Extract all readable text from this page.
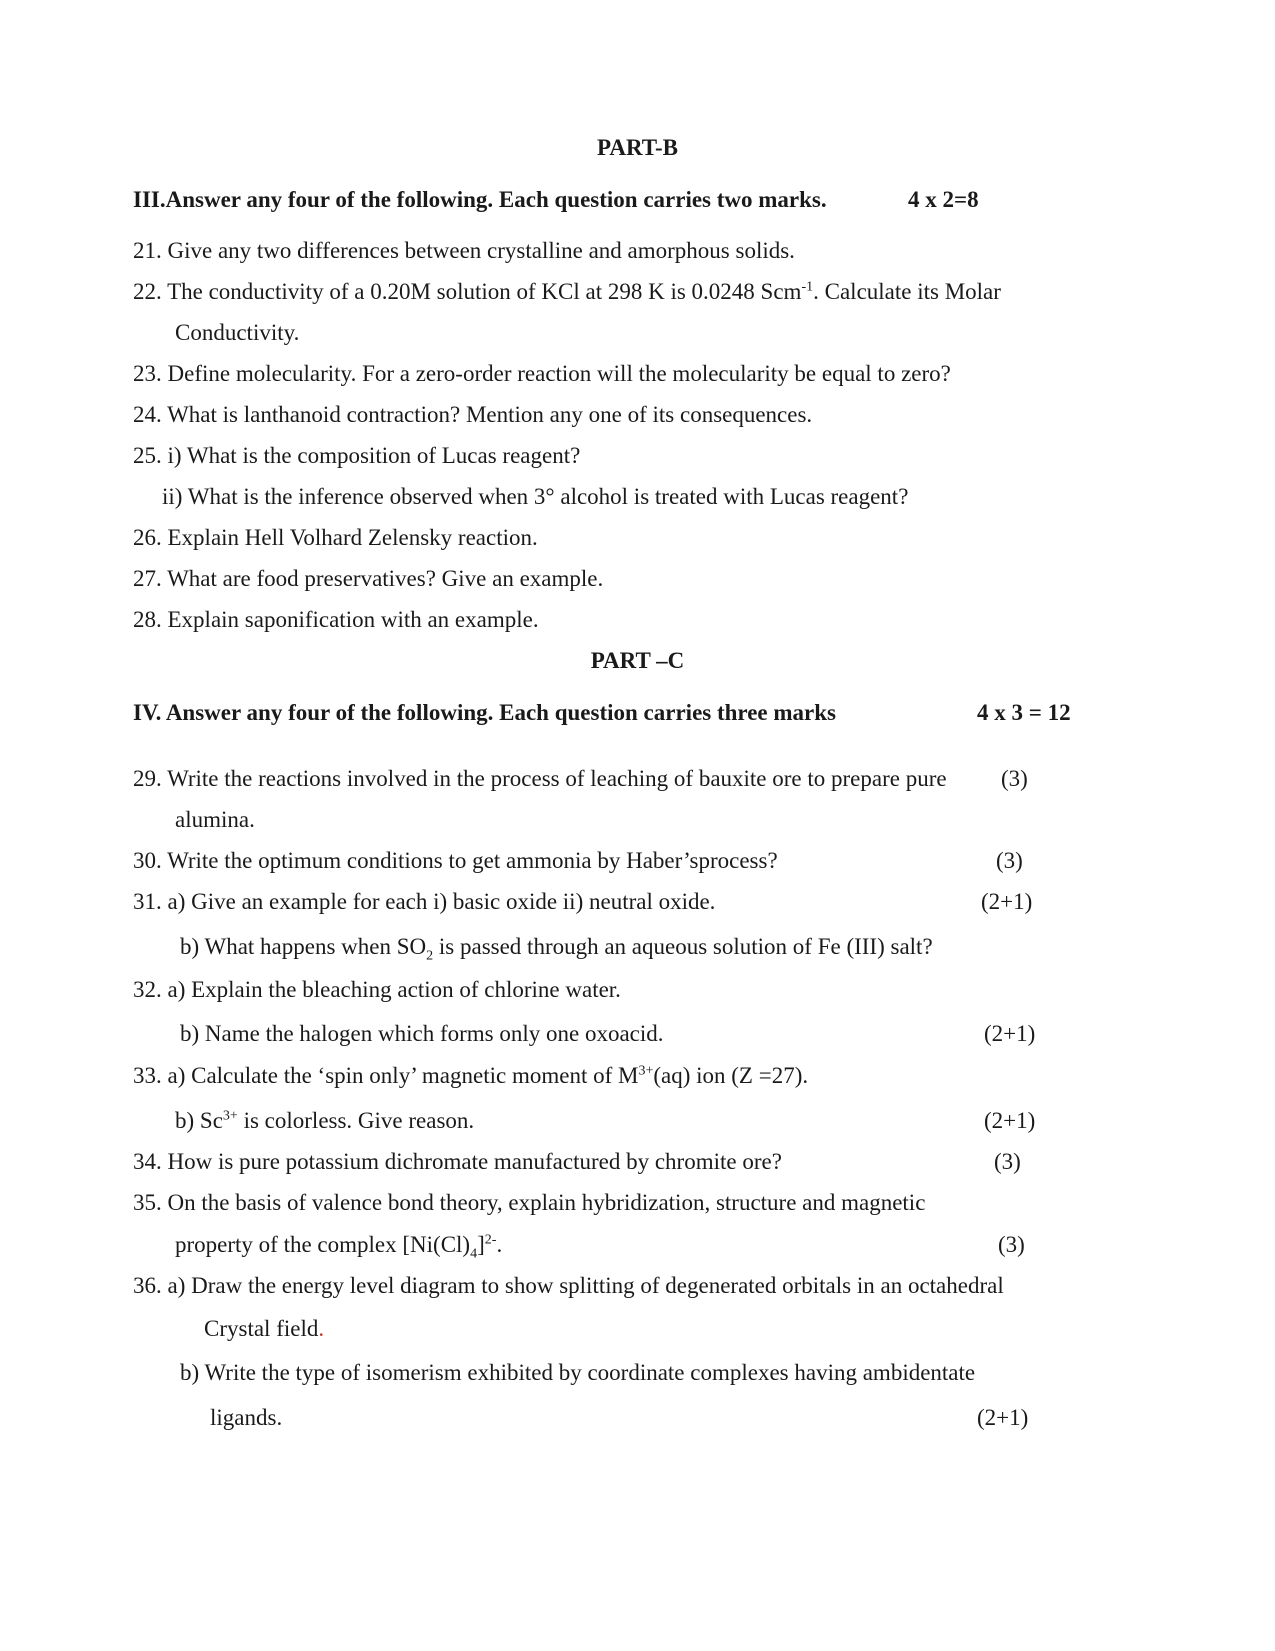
PART-B
III.Answer any four of the following. Each question carries two marks.	4 x 2=8
21. Give any two differences between crystalline and amorphous solids.
22. The conductivity of a 0.20M solution of KCl at 298 K is 0.0248 Scm$^{-1}$. Calculate its Molar
Conductivity.
23. Define molecularity. For a zero-order reaction will the molecularity be equal to zero?
24. What is lanthanoid contraction? Mention any one of its consequences.
25. i) What is the composition of Lucas reagent?
ii) What is the inference observed when 3° alcohol is treated with Lucas reagent?
26. Explain Hell Volhard Zelensky reaction.
27. What are food preservatives? Give an example.
28. Explain saponification with an example.
PART –C
IV. Answer any four of the following. Each question carries three marks	4 x 3 = 12
29. Write the reactions involved in the process of leaching of bauxite ore to prepare pure (3)
alumina.
30. Write the optimum conditions to get ammonia by Haber’sprocess?	(3)
31. a) Give an example for each i) basic oxide ii) neutral oxide.	(2+1)
b) What happens when $SO_2$ is passed through an aqueous solution of Fe (III) salt?
32. a) Explain the bleaching action of chlorine water.
b) Name the halogen which forms only one oxoacid.	(2+1)
33. a) Calculate the ‘spin only’ magnetic moment of $M^{3+}(aq)$ ion (Z =27).
b) $Sc^{3+}$ is colorless. Give reason.	(2+1)
34. How is pure potassium dichromate manufactured by chromite ore?	(3)
35. On the basis of valence bond theory, explain hybridization, structure and magnetic
property of the complex $[Ni(Cl)_4]^{2-}$.	(3)
36. a) Draw the energy level diagram to show splitting of degenerated orbitals in an octahedral
Crystal field.
b) Write the type of isomerism exhibited by coordinate complexes having ambidentate
ligands.	(2+1)
